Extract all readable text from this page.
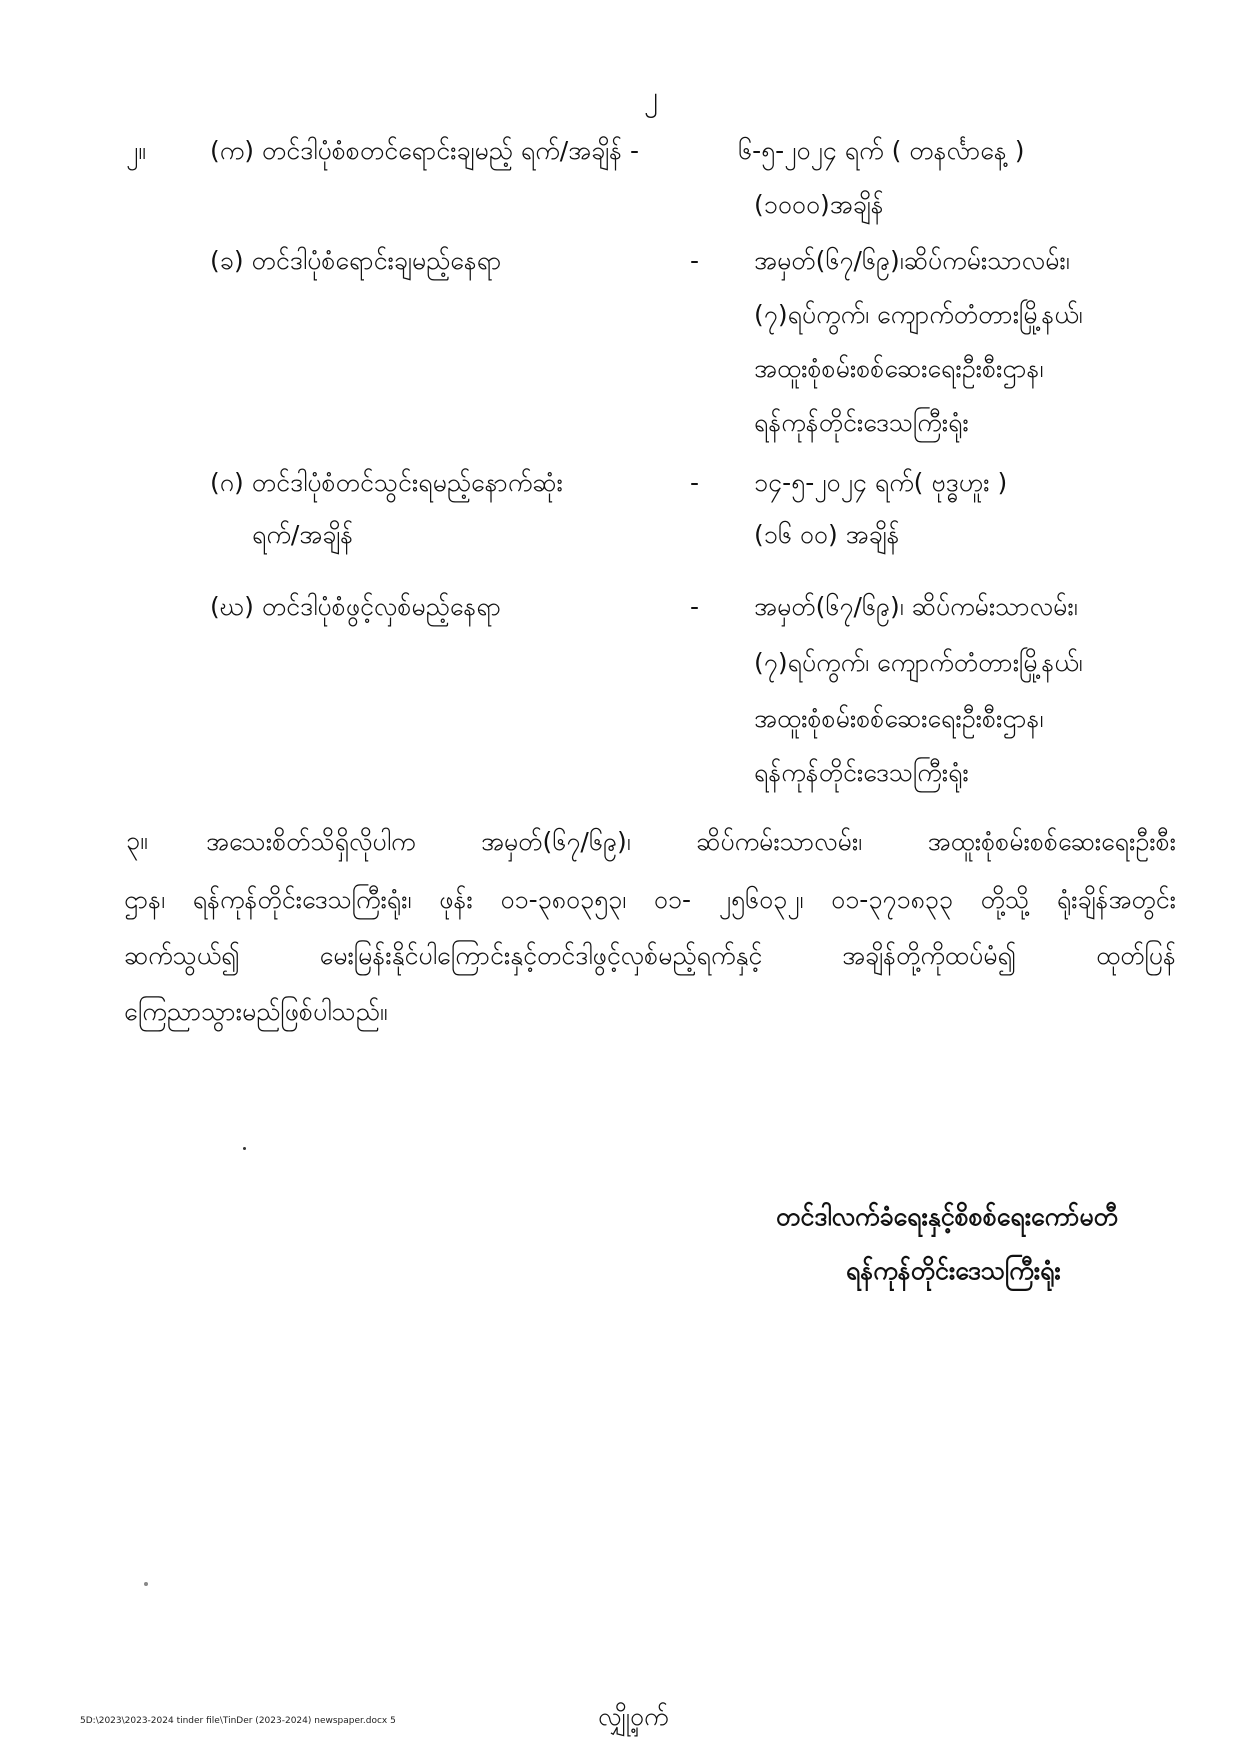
၂
၂။	(က) တင်ဒါပုံစံစတင်ရောင်းချမည့် ရက်/အချိန် -	၆-၅-၂၀၂၄ ရက် ( တနင်္လာနေ့ )
(၁၀၀၀)အချိန်
(ခ) တင်ဒါပုံစံရောင်းချမည့်နေရာ	- အမှတ်(၆၇/၆၉)၊ဆိပ်ကမ်းသာလမ်း၊
(၇)ရပ်ကွက်၊ ကျောက်တံတားမြို့နယ်၊
အထူးစုံစမ်းစစ်ဆေးရေးဦးစီးဌာန၊
ရန်ကုန်တိုင်းဒေသကြီးရုံး
(ဂ) တင်ဒါပုံစံတင်သွင်းရမည့်နောက်ဆုံး
ရက်/အချိန်
- ၁၄-၅-၂၀၂၄ ရက်( ဗုဒ္ဓဟူး )
(၁၆ ၀၀) အချိန်
(ဃ) တင်ဒါပုံစံဖွင့်လှစ်မည့်နေရာ	- အမှတ်(၆၇/၆၉)၊ ဆိပ်ကမ်းသာလမ်း၊
(၇)ရပ်ကွက်၊ ကျောက်တံတားမြို့နယ်၊
အထူးစုံစမ်းစစ်ဆေးရေးဦးစီးဌာန၊
ရန်ကုန်တိုင်းဒေသကြီးရုံး
၃။ အသေးစိတ်သိရှိလိုပါက အမှတ်(၆၇/၆၉)၊ ဆိပ်ကမ်းသာလမ်း၊ အထူးစုံစမ်းစစ်ဆေးရေးဦးစီး
ဌာန၊ ရန်ကုန်တိုင်းဒေသကြီးရုံး၊ ဖုန်း ၀၁-၃၈၀၃၅၃၊ ၀၁- ၂၅၆၀၃၂၊ ၀၁-၃၇၁၈၃၃ တို့သို့ ရုံးချိန်အတွင်း
ဆက်သွယ်၍ မေးမြန်းနိုင်ပါကြောင်းနှင့်တင်ဒါဖွင့်လှစ်မည့်ရက်နှင့် အချိန်တို့ကိုထပ်မံ၍ ထုတ်ပြန်
ကြေညာသွားမည်ဖြစ်ပါသည်။
တင်ဒါလက်ခံရေးနှင့်စိစစ်ရေးကော်မတီ
ရန်ကုန်တိုင်းဒေသကြီးရုံး
5D:\2023\2023-2024 tinder file\TinDer (2023-2024) newspaper.docx 5	လျှို့ဝှက်
